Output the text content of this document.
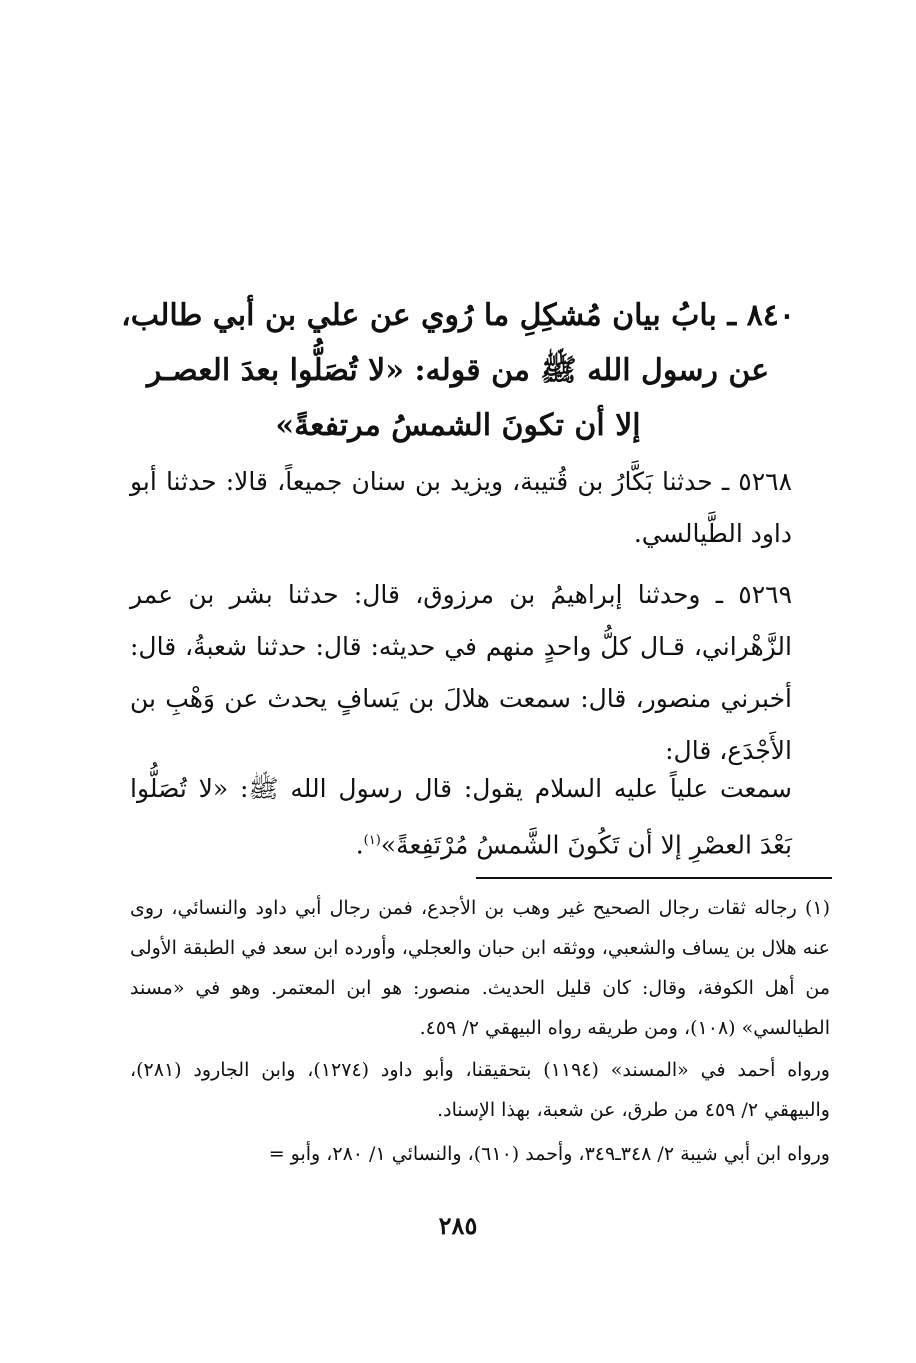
٨٤٠ ـ بابُ بيان مُشكِلِ ما رُوي عن علي بن أبي طالب،
عن رسول الله ﷺ من قوله: «لا تُصَلُّوا بعدَ العصـر
إلا أن تكونَ الشمسُ مرتفعةً»

٥٢٦٨ ـ حدثنا بَكَّارُ بن قُتيبة، ويزيد بن سنان جميعاً، قالا: حدثنا أبو داود الطَّيالسي.

٥٢٦٩ ـ وحدثنا إبراهيمُ بن مرزوق، قال: حدثنا بشر بن عمر الزَّهْراني، قـال كلُّ واحدٍ منهم في حديثه: قال: حدثنا شعبةُ، قال: أخبرني منصور، قال: سمعت هلالَ بن يَسافٍ يحدث عن وَهْبِ بن الأَجْدَع، قال:

سمعت علياً عليه السلام يقول: قال رسول الله ﷺ: «لا تُصَلُّوا بَعْدَ العصْرِ إلا أن تَكُونَ الشَّمسُ مُرْتَفِعةً»$^{(١)}$.

(١) رجاله ثقات رجال الصحيح غير وهب بن الأجدع، فمن رجال أبي داود والنسائي، روى عنه هلال بن يساف والشعبي، ووثقه ابن حبان والعجلي، وأورده ابن سعد في الطبقة الأولى من أهل الكوفة، وقال: كان قليل الحديث. منصور: هو ابن المعتمر. وهو في «مسند الطيالسي» (١٠٨)، ومن طريقه رواه البيهقي ٢/ ٤٥٩.

ورواه أحمد في «المسند» (١١٩٤) بتحقيقنا، وأبو داود (١٢٧٤)، وابن الجارود (٢٨١)، والبيهقي ٢/ ٤٥٩ من طرق، عن شعبة، بهذا الإسناد.

ورواه ابن أبي شيبة ٢/ ٣٤٨ـ٣٤٩، وأحمد (٦١٠)، والنسائي ١/ ٢٨٠، وأبو =

٢٨٥
